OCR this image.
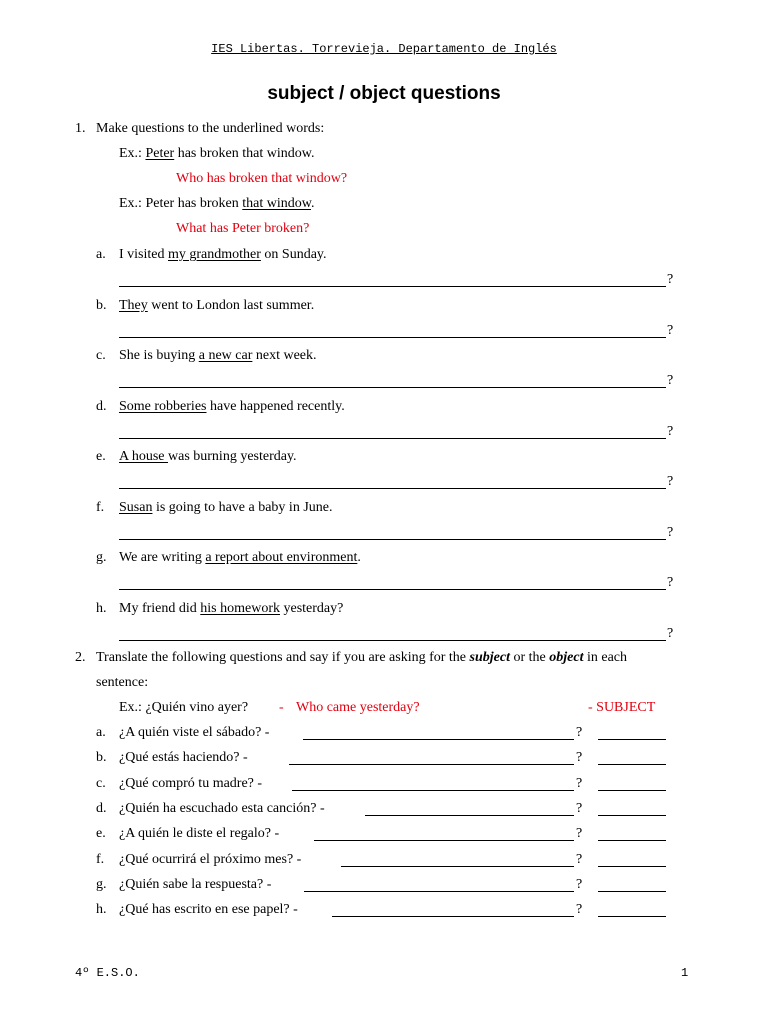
IES Libertas. Torrevieja. Departamento de Inglés
subject / object questions
1. Make questions to the underlined words:
Ex.: Peter has broken that window.
Who has broken that window?
Ex.: Peter has broken that window.
What has Peter broken?
a. I visited my grandmother on Sunday.
?
b. They went to London last summer.
?
c. She is buying a new car next week.
?
d. Some robberies have happened recently.
?
e. A house was burning yesterday.
?
f. Susan is going to have a baby in June.
?
g. We are writing a report about environment.
?
h. My friend did his homework yesterday?
?
2. Translate the following questions and say if you are asking for the subject or the object in each
sentence:
Ex.: ¿Quién vino ayer? - Who came yesterday?	- SUBJECT
a. ¿A quién viste el sábado? -	?
b. ¿Qué estás haciendo? -	?
c. ¿Qué compró tu madre? -	?
d. ¿Quién ha escuchado esta canción? -	?
e. ¿A quién le diste el regalo? -	?
f. ¿Qué ocurrirá el próximo mes? -	?
g. ¿Quién sabe la respuesta? -	?
h. ¿Qué has escrito en ese papel? -	?
4º E.S.O.	1
